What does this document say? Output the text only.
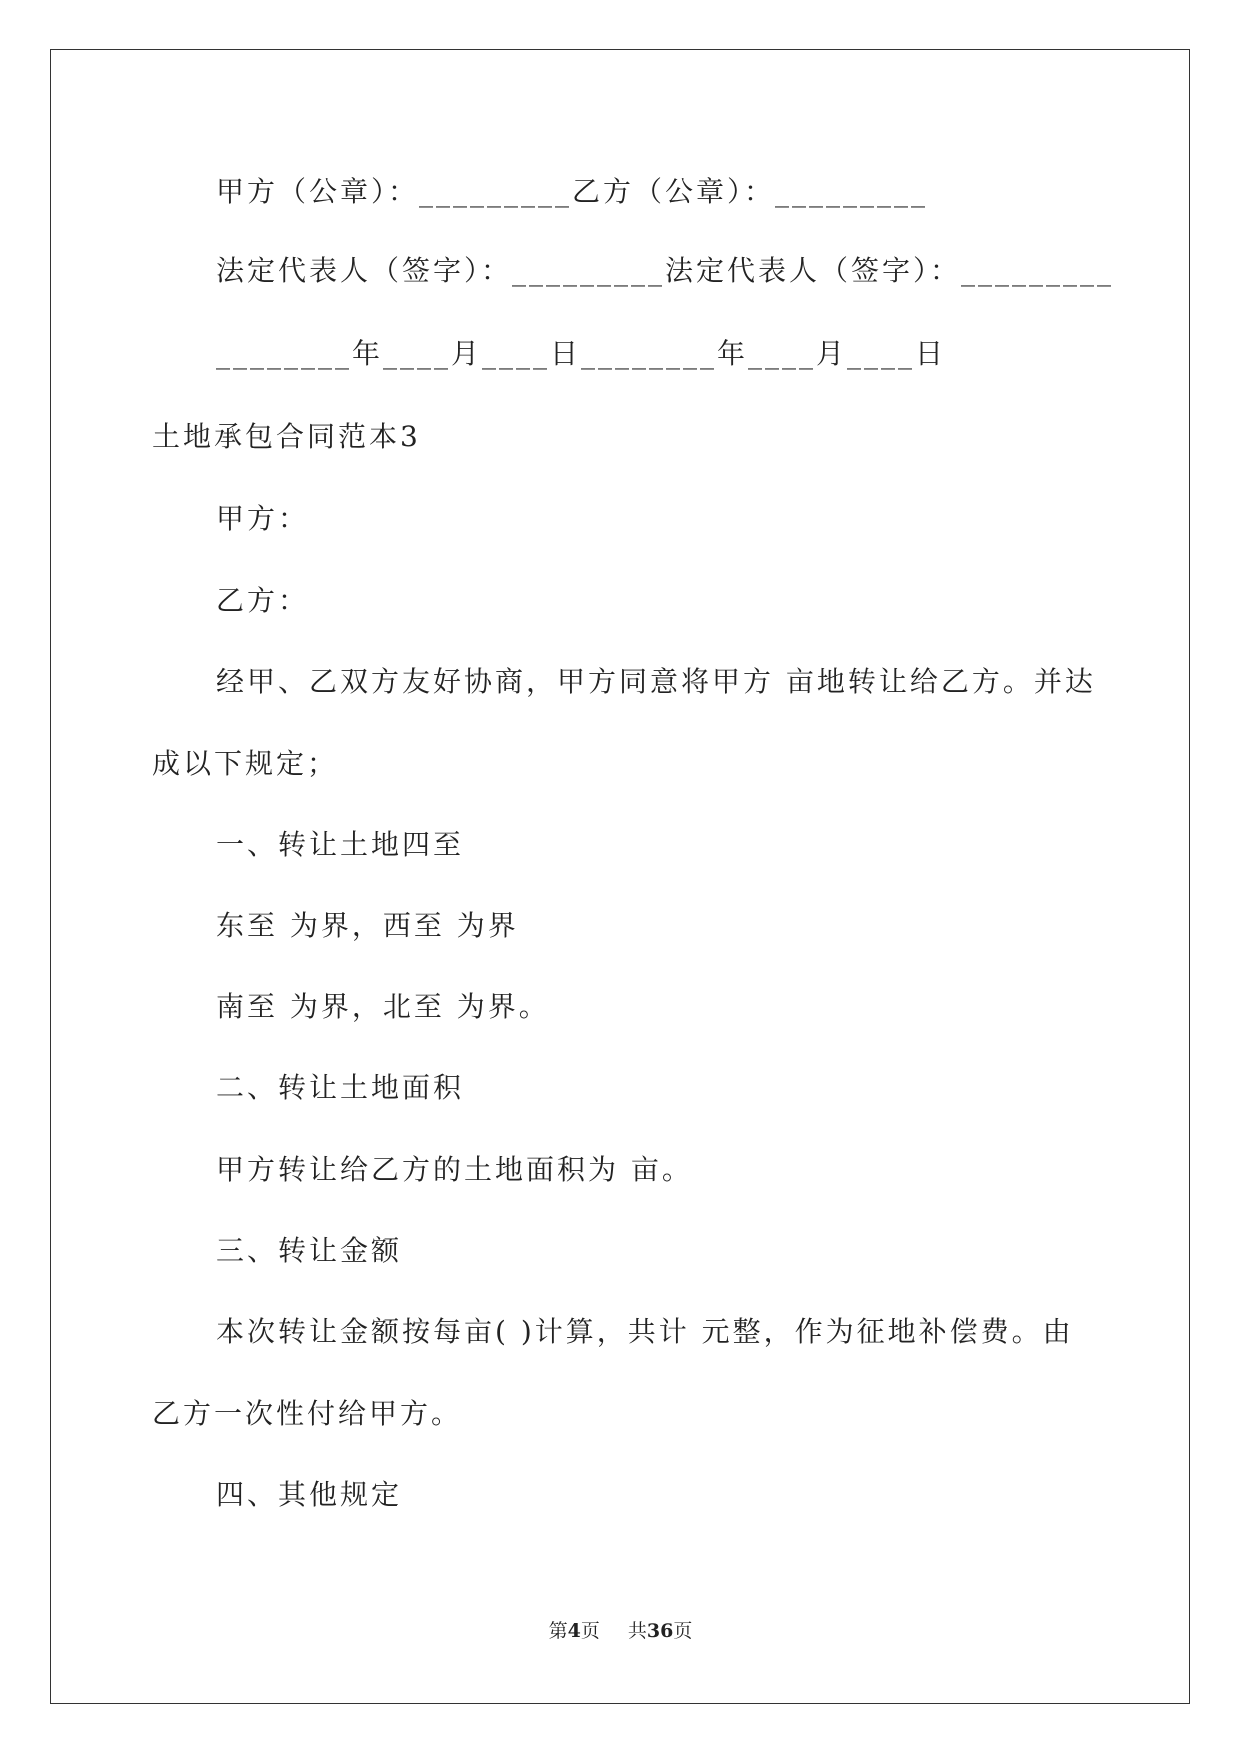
甲方（公章）：_________乙方（公章）：_________
法定代表人（签字）：_________法定代表人（签字）：_________
________年____月____日________年____月____日
土地承包合同范本3
甲方：
乙方：
经甲、乙双方友好协商，甲方同意将甲方 亩地转让给乙方。并达
成以下规定；
一、转让土地四至
东至 为界，西至 为界
南至 为界，北至 为界。
二、转让土地面积
甲方转让给乙方的土地面积为 亩。
三、转让金额
本次转让金额按每亩( )计算，共计 元整，作为征地补偿费。由
乙方一次性付给甲方。
四、其他规定
第4页 共36页
